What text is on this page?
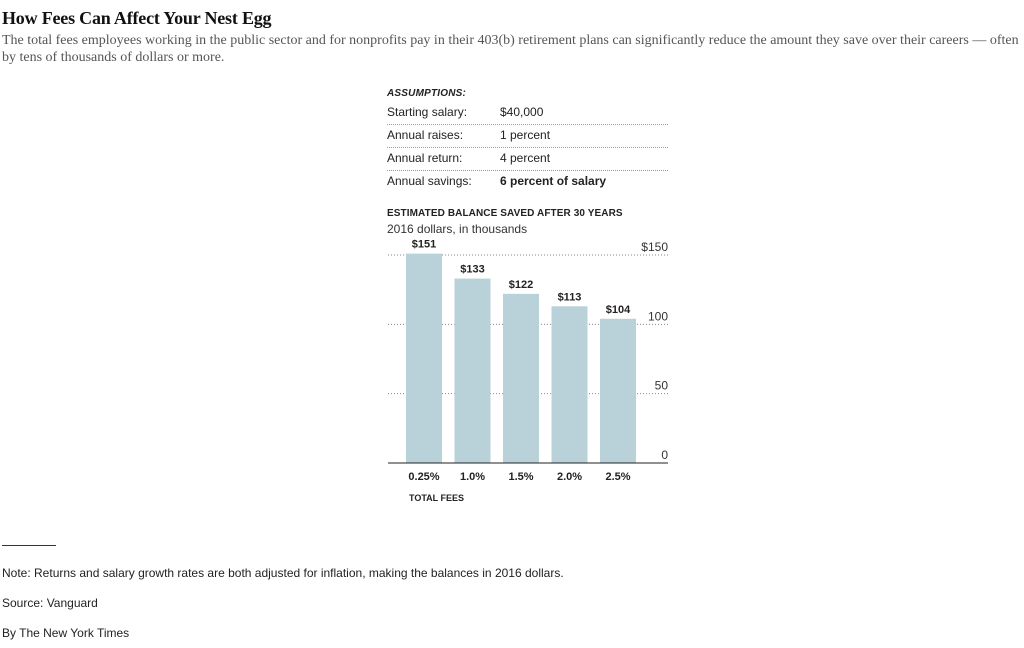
How Fees Can Affect Your Nest Egg

The total fees employees working in the public sector and for nonprofits pay in their 403(b) retirement plans can significantly reduce the amount they save over their careers — often by tens of thousands of dollars or more.

ASSUMPTIONS:
Starting salary:	$40,000
Annual raises:	1 percent
Annual return:	4 percent
Annual savings: 6 percent of salary
ESTIMATED BALANCE SAVED AFTER 30 YEARS
2016 dollars, in thousands
0
50
100
$150
$151
0.25%
$133
1.0%
$122
1.5%
$113
2.0%
$104
2.5%
TOTAL FEES
Note: Returns and salary growth rates are both adjusted for inflation, making the balances in 2016 dollars.
Source: Vanguard
By The New York Times
